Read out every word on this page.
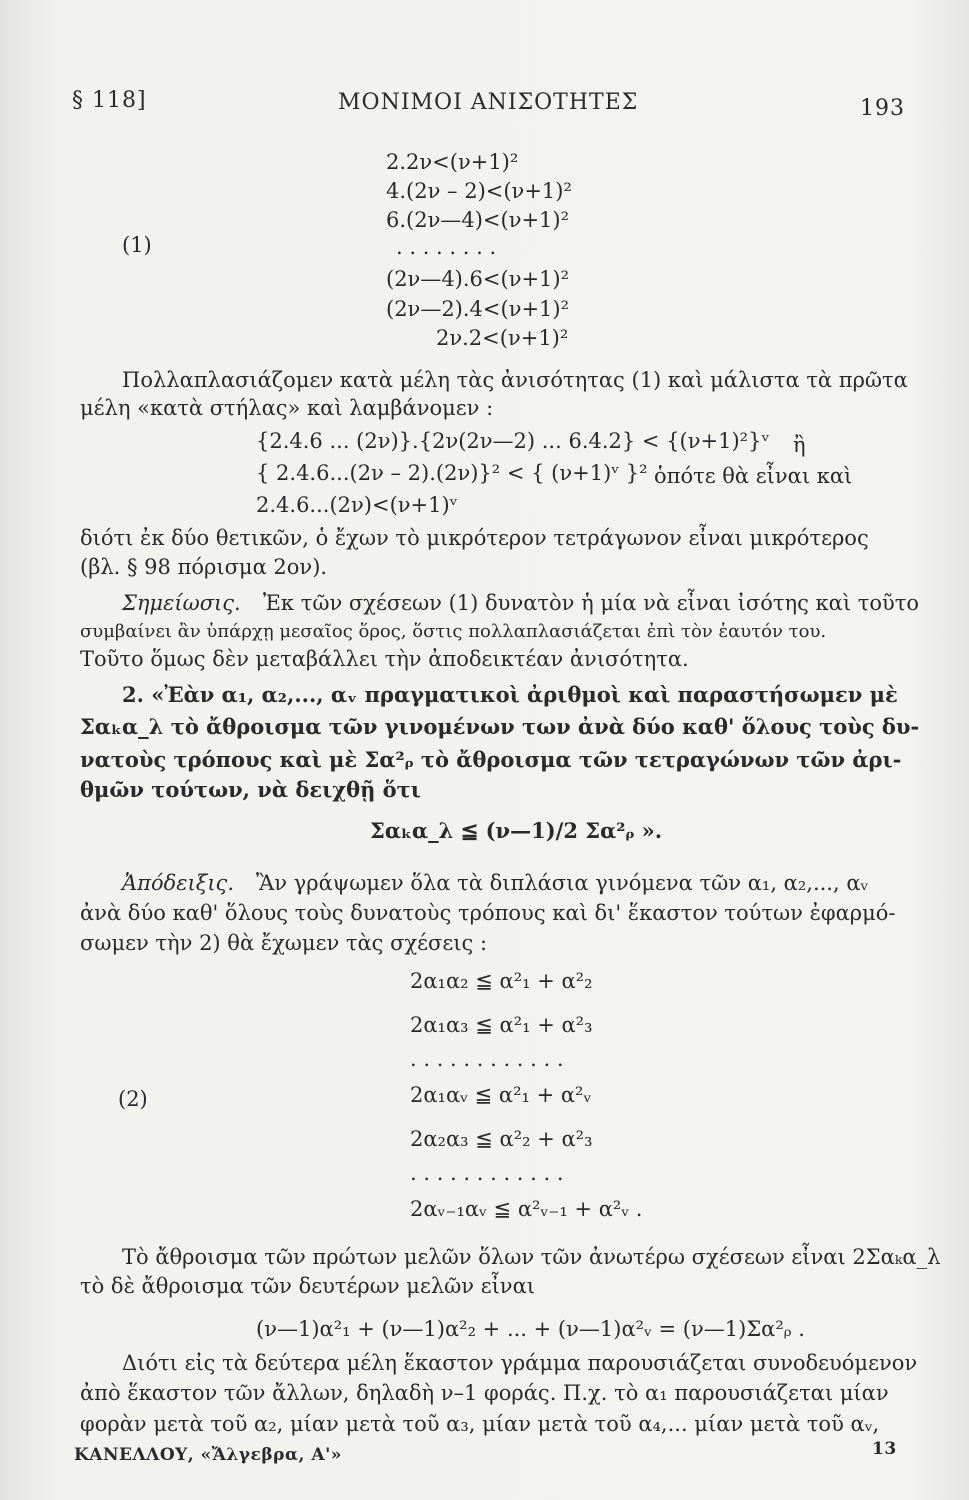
§ 118]	ΜΟΝΙΜΟΙ ΑΝΙΣΟΤΗΤΕΣ	193
(1)
2.2ν<(ν+1)²
4.(2ν – 2)<(ν+1)²
6.(2ν—4)<(ν+1)²
. . . . . . . .
(2ν—4).6<(ν+1)²
(2ν—2).4<(ν+1)²
2ν.2<(ν+1)²
Πολλαπλασιάζομεν κατὰ μέλη τὰς ἀνισότητας (1) καὶ μάλιστα τὰ πρῶτα
μέλη «κατὰ στήλας» καὶ λαμβάνομεν :
{2.4.6 ... (2ν)}.{2ν(2ν—2) ... 6.4.2} < {(ν+1)²}ᵛ ἢ
{ 2.4.6...(2ν – 2).(2ν)}² < { (ν+1)ᵛ }² ὁπότε θὰ εἶναι καὶ
2.4.6...(2ν)<(ν+1)ᵛ
διότι ἐκ δύο θετικῶν, ὁ ἔχων τὸ μικρότερον τετράγωνον εἶναι μικρότερος
(βλ. § 98 πόρισμα 2ον).
Σημείωσις. Ἐκ τῶν σχέσεων (1) δυνατὸν ἡ μία νὰ εἶναι ἰσότης καὶ τοῦτο
συμβαίνει ἂν ὑπάρχῃ μεσαῖος ὅρος, ὅστις πολλαπλασιάζεται ἐπὶ τὸν ἑαυτόν του.
Τοῦτο ὅμως δὲν μεταβάλλει τὴν ἀποδεικτέαν ἀνισότητα.
2. «Ἐὰν α₁, α₂,..., αᵥ πραγματικοὶ ἀριθμοὶ καὶ παραστήσωμεν μὲ
Σαₖα_λ τὸ ἄθροισμα τῶν γινομένων των ἀνὰ δύο καθ' ὅλους τοὺς δυ-
νατοὺς τρόπους καὶ μὲ Σα²ᵨ τὸ ἄθροισμα τῶν τετραγώνων τῶν ἀρι-
θμῶν τούτων, νὰ δειχθῇ ὅτι
Σαₖα_λ ≦ (ν—1)/2 Σα²ᵨ ».
Ἀπόδειξις. Ἂν γράψωμεν ὅλα τὰ διπλάσια γινόμενα τῶν α₁, α₂,..., αᵥ
ἀνὰ δύο καθ' ὅλους τοὺς δυνατοὺς τρόπους καὶ δι' ἕκαστον τούτων ἐφαρμό-
σωμεν τὴν 2) θὰ ἔχωμεν τὰς σχέσεις :
(2)
2α₁α₂ ≦ α²₁ + α²₂
2α₁α₃ ≦ α²₁ + α²₃
. . . . . . . . . . . .
2α₁αᵥ ≦ α²₁ + α²ᵥ
2α₂α₃ ≦ α²₂ + α²₃
. . . . . . . . . . . .
2αᵥ₋₁αᵥ ≦ α²ᵥ₋₁ + α²ᵥ .
Τὸ ἄθροισμα τῶν πρώτων μελῶν ὅλων τῶν ἀνωτέρω σχέσεων εἶναι 2Σαₖα_λ
τὸ δὲ ἄθροισμα τῶν δευτέρων μελῶν εἶναι
(ν—1)α²₁ + (ν—1)α²₂ + ... + (ν—1)α²ᵥ = (ν—1)Σα²ᵨ .
Διότι εἰς τὰ δεύτερα μέλη ἕκαστον γράμμα παρουσιάζεται συνοδευόμενον
ἀπὸ ἕκαστον τῶν ἄλλων, δηλαδὴ ν–1 φοράς. Π.χ. τὸ α₁ παρουσιάζεται μίαν
φορὰν μετὰ τοῦ α₂, μίαν μετὰ τοῦ α₃, μίαν μετὰ τοῦ α₄,... μίαν μετὰ τοῦ αᵥ,
ΚΑΝΕΛΛΟΥ, «Ἄλγεβρα, Α'»	13
